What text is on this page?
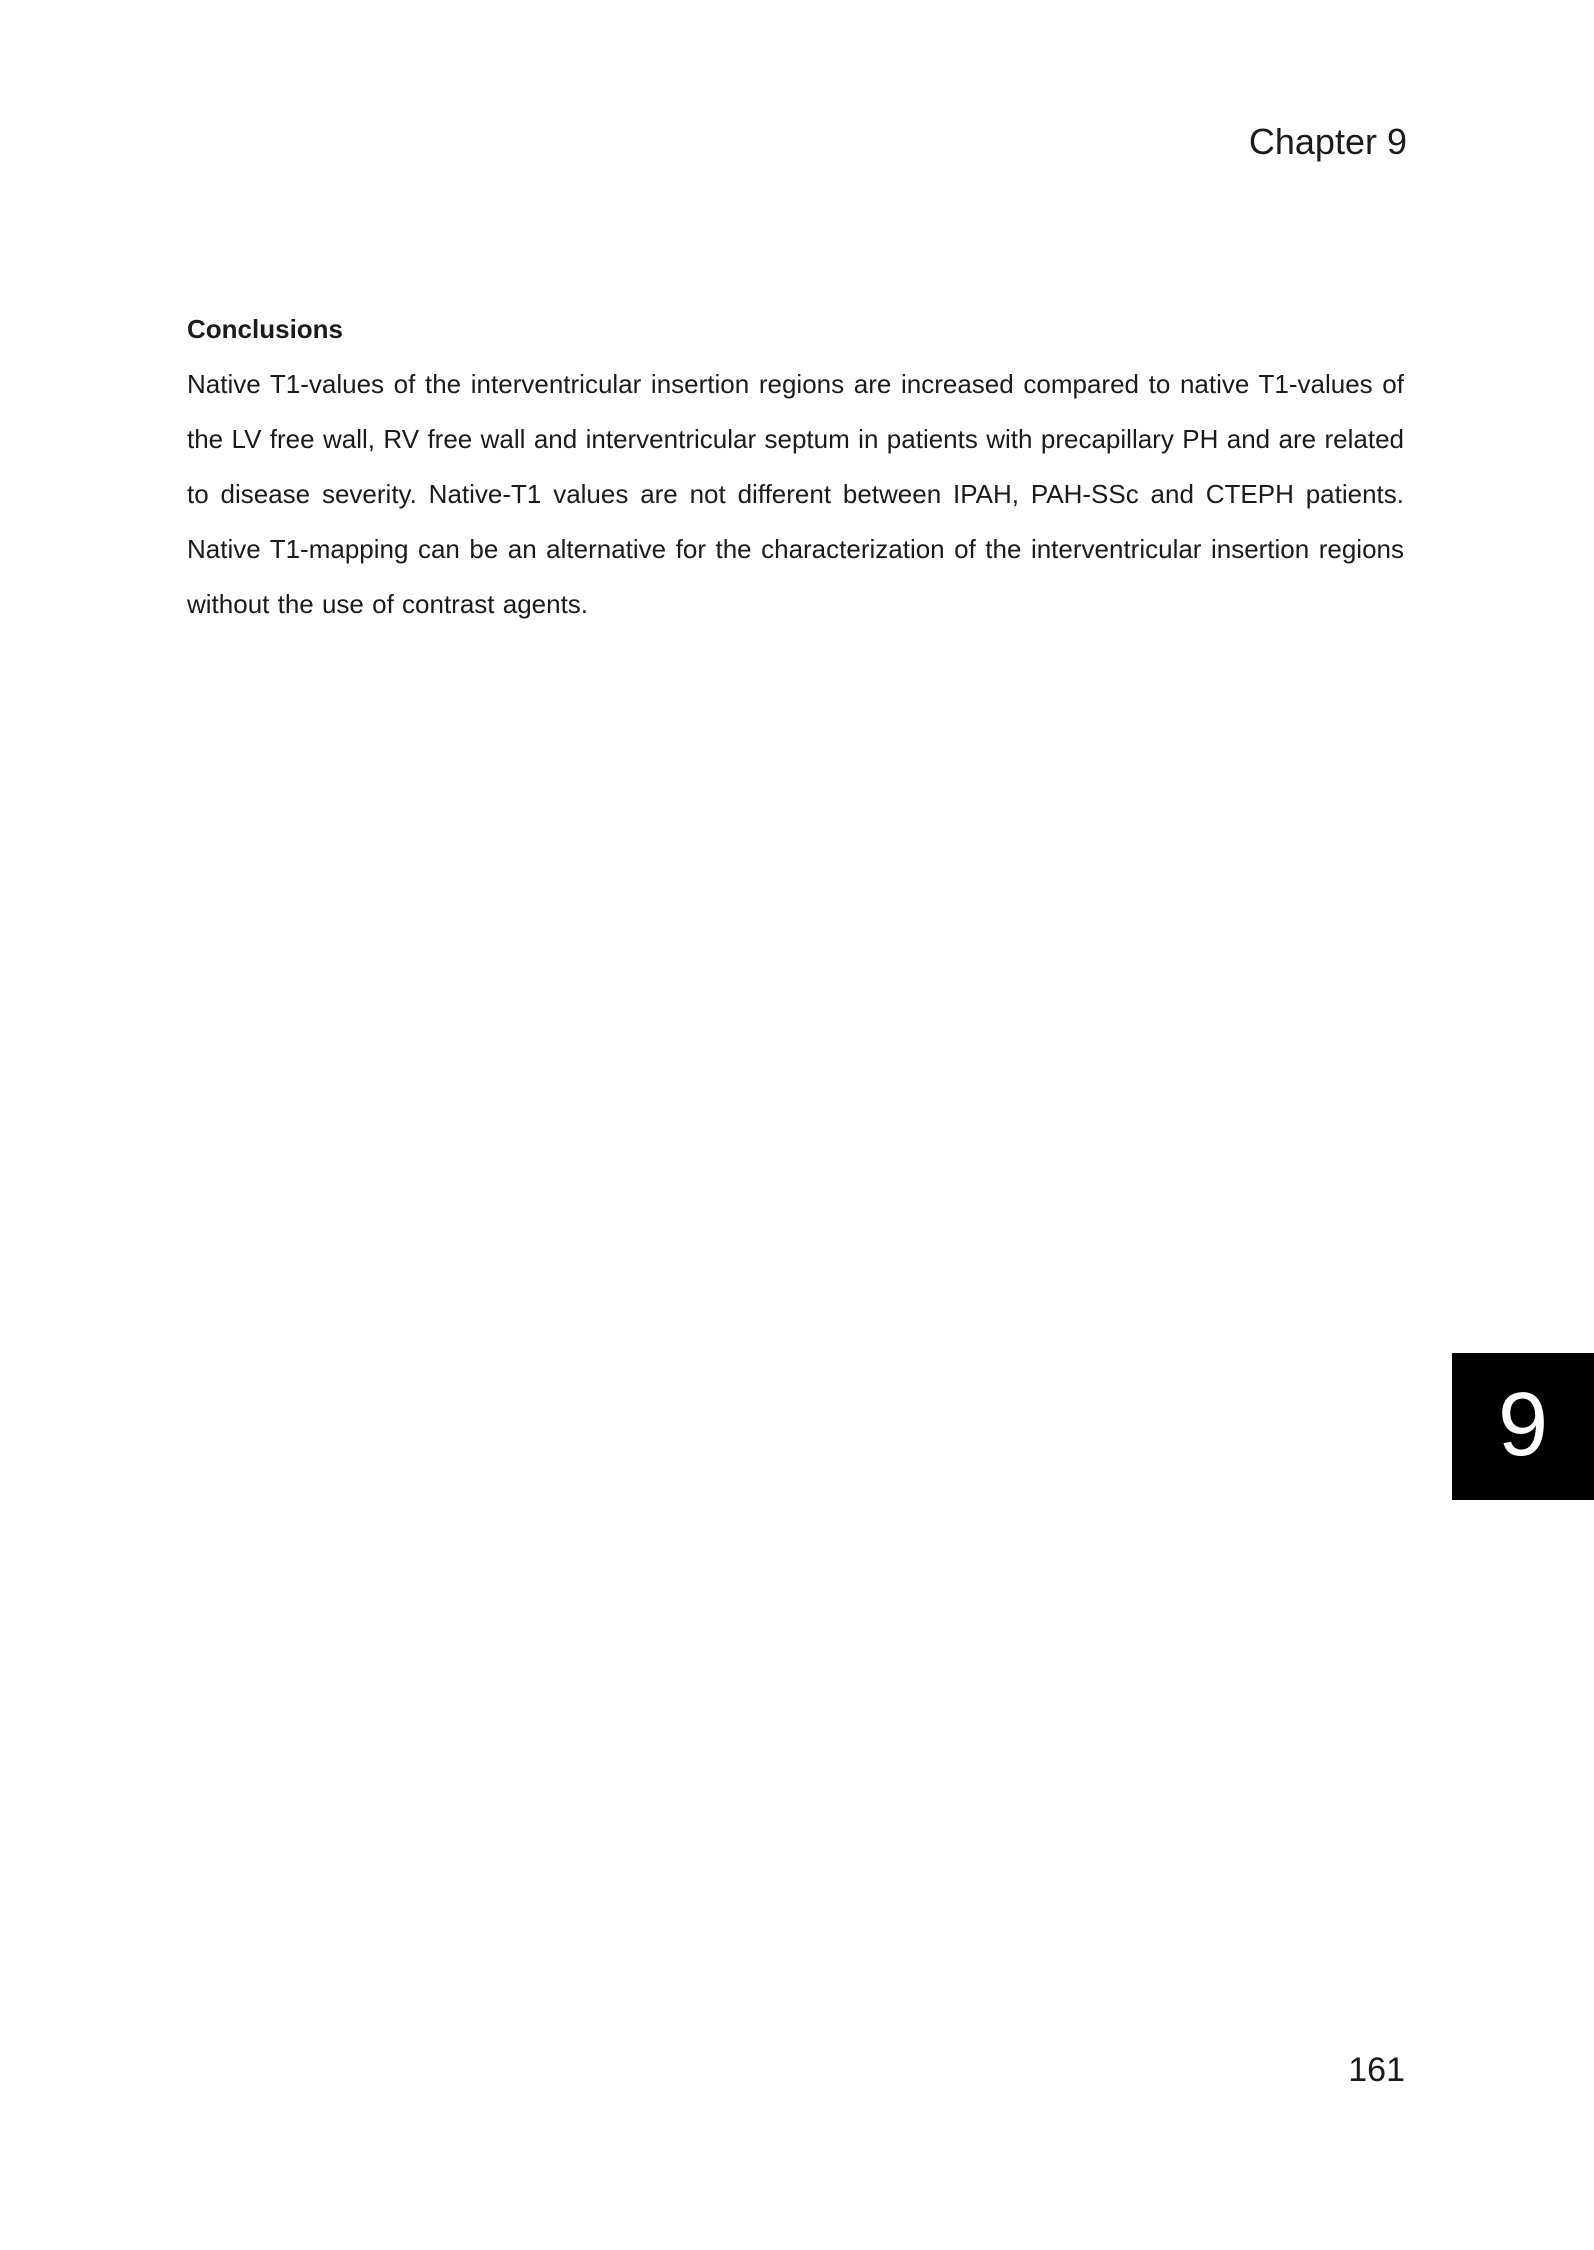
Chapter 9
Conclusions

Native T1-values of the interventricular insertion regions are increased compared to native T1-values of the LV free wall, RV free wall and interventricular septum in patients with precapillary PH and are related to disease severity. Native-T1 values are not different between IPAH, PAH-SSc and CTEPH patients. Native T1-mapping can be an alternative for the characterization of the interventricular insertion regions without the use of contrast agents.

9
161
